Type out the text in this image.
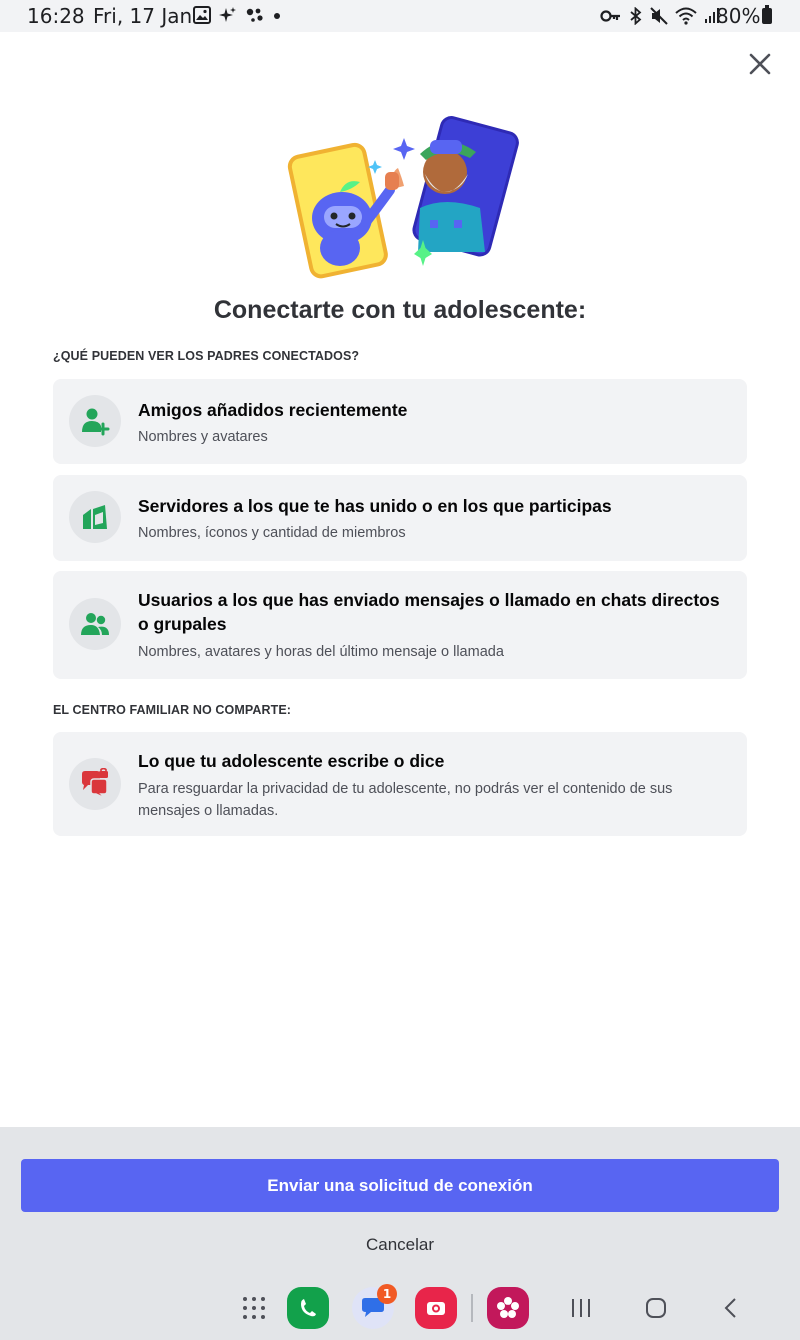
16:28 Fri, 17 Jan	80%
Conectarte con tu adolescente:
¿QUÉ PUEDEN VER LOS PADRES CONECTADOS?
Amigos añadidos recientemente
Nombres y avatares
Servidores a los que te has unido o en los que participas
Nombres, íconos y cantidad de miembros
Usuarios a los que has enviado mensajes o llamado en chats directos o grupales
Nombres, avatares y horas del último mensaje o llamada
EL CENTRO FAMILIAR NO COMPARTE:
Lo que tu adolescente escribe o dice
Para resguardar la privacidad de tu adolescente, no podrás ver el contenido de sus mensajes o llamadas.
Enviar una solicitud de conexión
Cancelar
1
